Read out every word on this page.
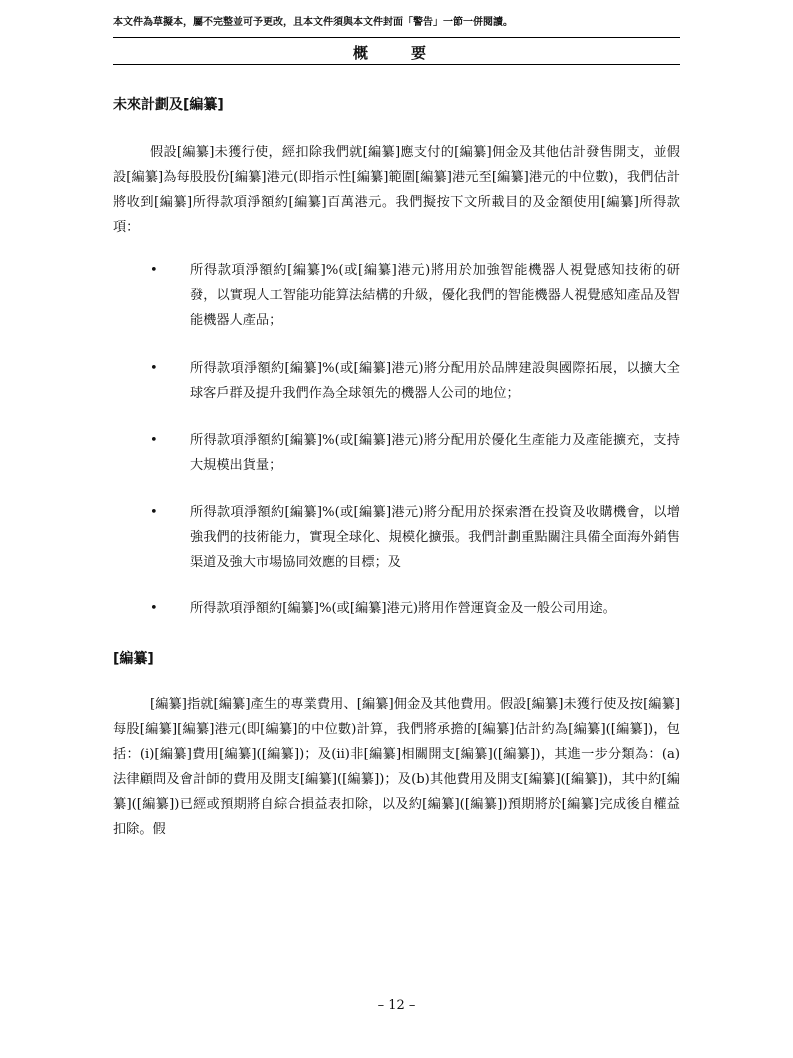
本文件為草擬本，屬不完整並可予更改，且本文件須與本文件封面「警告」一節一併閱讀。
概　要
未來計劃及[編纂]

假設[編纂]未獲行使，經扣除我們就[編纂]應支付的[編纂]佣金及其他估計發售開支，並假設[編纂]為每股股份[編纂]港元(即指示性[編纂]範圍[編纂]港元至[編纂]港元的中位數)，我們估計將收到[編纂]所得款項淨額約[編纂]百萬港元。我們擬按下文所載目的及金額使用[編纂]所得款項：

• 所得款項淨額約[編纂]%(或[編纂]港元)將用於加強智能機器人視覺感知技術的研發，以實現人工智能功能算法結構的升級，優化我們的智能機器人視覺感知產品及智能機器人產品；

• 所得款項淨額約[編纂]%(或[編纂]港元)將分配用於品牌建設與國際拓展，以擴大全球客戶群及提升我們作為全球領先的機器人公司的地位；

• 所得款項淨額約[編纂]%(或[編纂]港元)將分配用於優化生產能力及產能擴充，支持大規模出貨量；

• 所得款項淨額約[編纂]%(或[編纂]港元)將分配用於探索潛在投資及收購機會，以增強我們的技術能力，實現全球化、規模化擴張。我們計劃重點關注具備全面海外銷售渠道及強大市場協同效應的目標；及

• 所得款項淨額約[編纂]%(或[編纂]港元)將用作營運資金及一般公司用途。

[編纂]

[編纂]指就[編纂]產生的專業費用、[編纂]佣金及其他費用。假設[編纂]未獲行使及按[編纂]每股[編纂][編纂]港元(即[編纂]的中位數)計算，我們將承擔的[編纂]估計約為[編纂]([編纂])，包括：(i)[編纂]費用[編纂]([編纂])；及(ii)非[編纂]相關開支[編纂]([編纂])，其進一步分類為：(a)法律顧問及會計師的費用及開支[編纂]([編纂])；及(b)其他費用及開支[編纂]([編纂])，其中約[編纂]([編纂])已經或預期將自綜合損益表扣除，以及約[編纂]([編纂])預期將於[編纂]完成後自權益扣除。假

– 12 –
